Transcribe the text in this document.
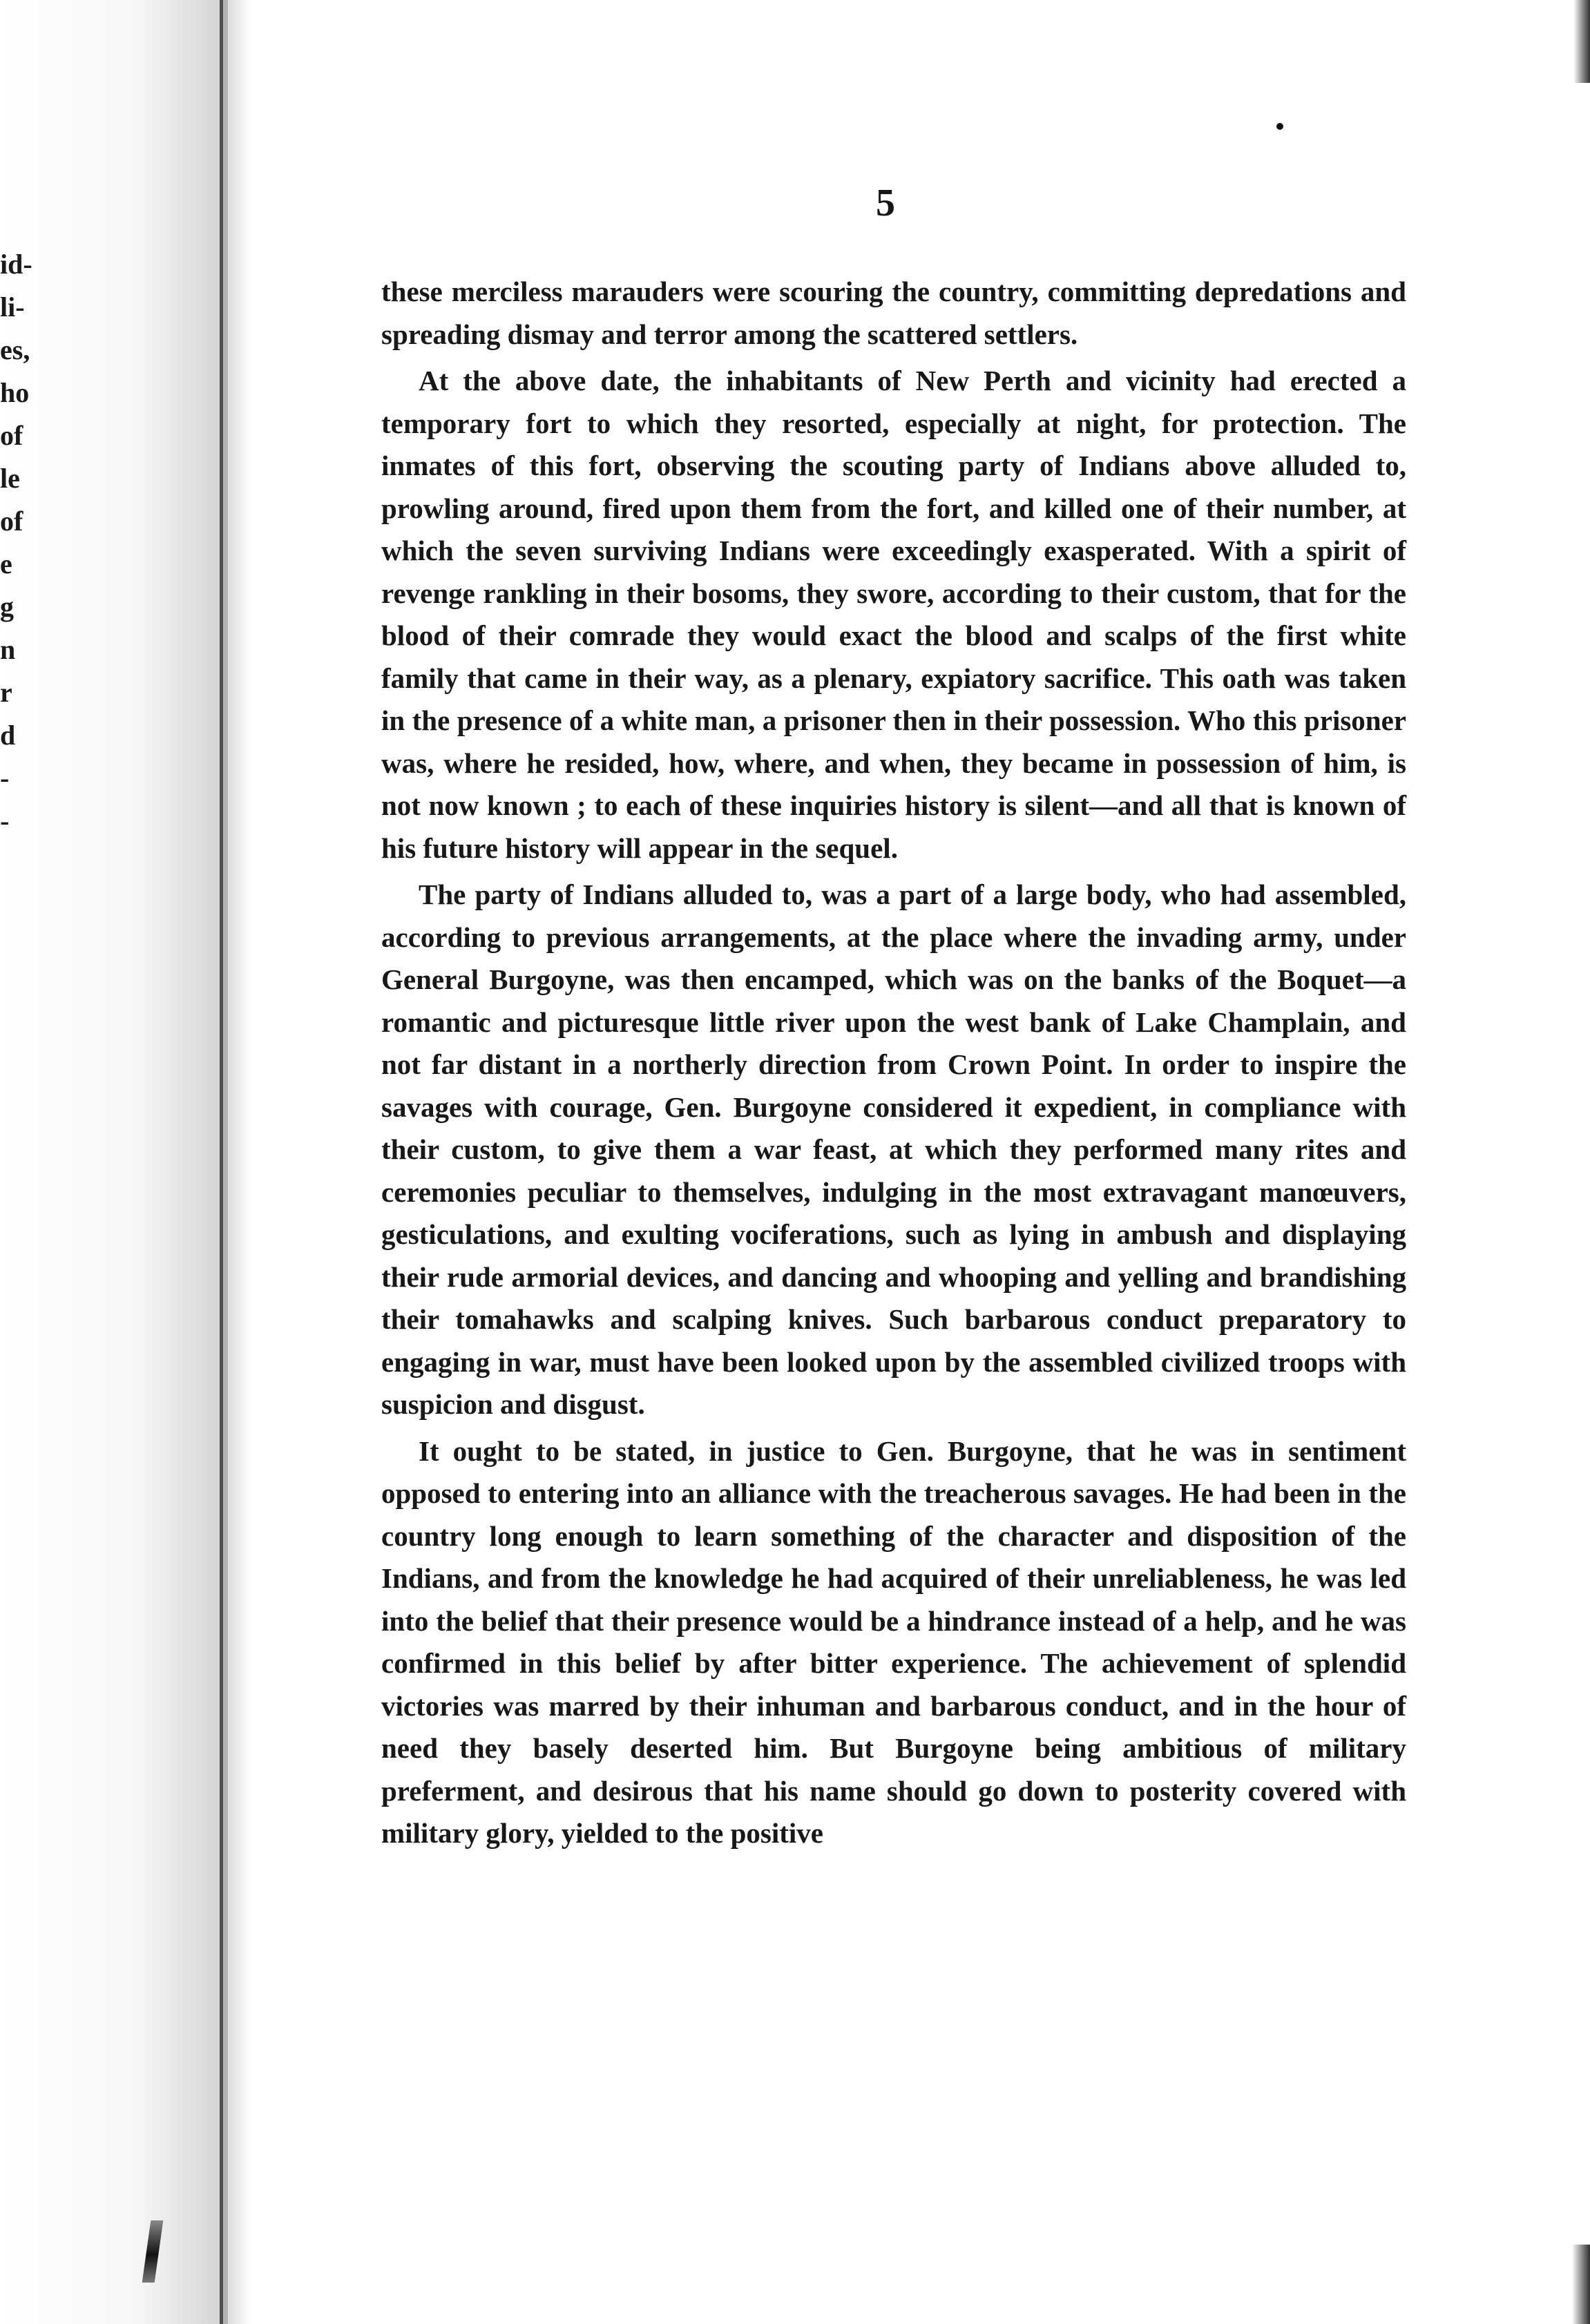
id-
li-
es,
ho
of
le
of
e
g
n
r
d
-
-
5

these merciless marauders were scouring the country, committing depredations and spreading dismay and terror among the scattered settlers.

At the above date, the inhabitants of New Perth and vicinity had erected a temporary fort to which they resorted, especially at night, for protection. The inmates of this fort, observing the scouting party of Indians above alluded to, prowling around, fired upon them from the fort, and killed one of their number, at which the seven surviving Indians were exceedingly exasperated. With a spirit of revenge rankling in their bosoms, they swore, according to their custom, that for the blood of their comrade they would exact the blood and scalps of the first white family that came in their way, as a plenary, expiatory sacrifice. This oath was taken in the presence of a white man, a prisoner then in their possession. Who this prisoner was, where he resided, how, where, and when, they became in possession of him, is not now known ; to each of these inquiries history is silent—and all that is known of his future history will appear in the sequel.

The party of Indians alluded to, was a part of a large body, who had assembled, according to previous arrangements, at the place where the invading army, under General Burgoyne, was then encamped, which was on the banks of the Boquet—a romantic and picturesque little river upon the west bank of Lake Champlain, and not far distant in a northerly direction from Crown Point. In order to inspire the savages with courage, Gen. Burgoyne considered it expedient, in compliance with their custom, to give them a war feast, at which they performed many rites and ceremonies peculiar to themselves, indulging in the most extravagant manœuvers, gesticulations, and exulting vociferations, such as lying in ambush and displaying their rude armorial devices, and dancing and whooping and yelling and brandishing their tomahawks and scalping knives. Such barbarous conduct preparatory to engaging in war, must have been looked upon by the assembled civilized troops with suspicion and disgust.

It ought to be stated, in justice to Gen. Burgoyne, that he was in sentiment opposed to entering into an alliance with the treacherous savages. He had been in the country long enough to learn something of the character and disposition of the Indians, and from the knowledge he had acquired of their unreliableness, he was led into the belief that their presence would be a hindrance instead of a help, and he was confirmed in this belief by after bitter experience. The achievement of splendid victories was marred by their inhuman and barbarous conduct, and in the hour of need they basely deserted him. But Burgoyne being ambitious of military preferment, and desirous that his name should go down to posterity covered with military glory, yielded to the positive
